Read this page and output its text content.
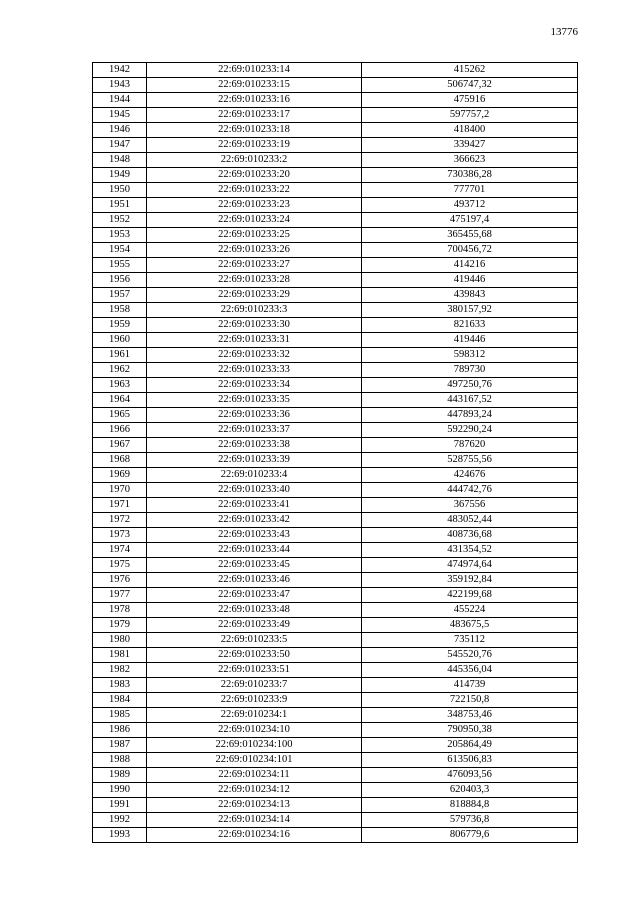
13776
1942	22:69:010233:14	415262
1943	22:69:010233:15	506747,32
1944	22:69:010233:16	475916
1945	22:69:010233:17	597757,2
1946	22:69:010233:18	418400
1947	22:69:010233:19	339427
1948	22:69:010233:2	366623
1949	22:69:010233:20	730386,28
1950	22:69:010233:22	777701
1951	22:69:010233:23	493712
1952	22:69:010233:24	475197,4
1953	22:69:010233:25	365455,68
1954	22:69:010233:26	700456,72
1955	22:69:010233:27	414216
1956	22:69:010233:28	419446
1957	22:69:010233:29	439843
1958	22:69:010233:3	380157,92
1959	22:69:010233:30	821633
1960	22:69:010233:31	419446
1961	22:69:010233:32	598312
1962	22:69:010233:33	789730
1963	22:69:010233:34	497250,76
1964	22:69:010233:35	443167,52
1965	22:69:010233:36	447893,24
1966	22:69:010233:37	592290,24
1967	22:69:010233:38	787620
1968	22:69:010233:39	528755,56
1969	22:69:010233:4	424676
1970	22:69:010233:40	444742,76
1971	22:69:010233:41	367556
1972	22:69:010233:42	483052,44
1973	22:69:010233:43	408736,68
1974	22:69:010233:44	431354,52
1975	22:69:010233:45	474974,64
1976	22:69:010233:46	359192,84
1977	22:69:010233:47	422199,68
1978	22:69:010233:48	455224
1979	22:69:010233:49	483675,5
1980	22:69:010233:5	735112
1981	22:69:010233:50	545520,76
1982	22:69:010233:51	445356,04
1983	22:69:010233:7	414739
1984	22:69:010233:9	722150,8
1985	22:69:010234:1	348753,46
1986	22:69:010234:10	790950,38
1987	22:69:010234:100	205864,49
1988	22:69:010234:101	613506,83
1989	22:69:010234:11	476093,56
1990	22:69:010234:12	620403,3
1991	22:69:010234:13	818884,8
1992	22:69:010234:14	579736,8
1993	22:69:010234:16	806779,6
